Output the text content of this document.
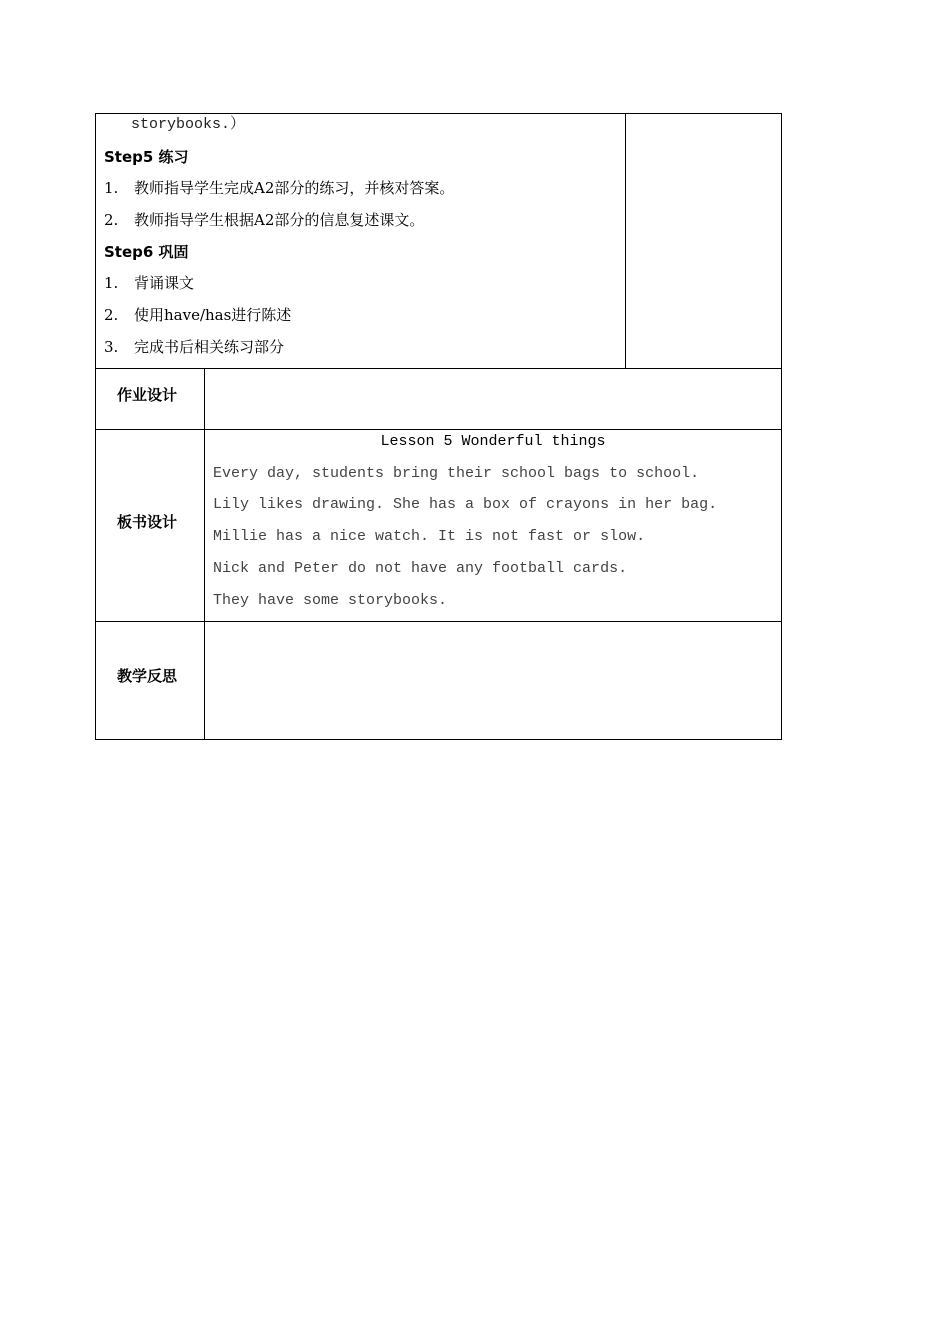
storybooks.）
Step5 练习
1. 教师指导学生完成A2部分的练习，并核对答案。
2. 教师指导学生根据A2部分的信息复述课文。
Step6 巩固
1. 背诵课文
2. 使用have/has进行陈述
3. 完成书后相关练习部分
作业设计
板书设计
Lesson 5 Wonderful things
Every day, students bring their school bags to school.
Lily likes drawing. She has a box of crayons in her bag.
Millie has a nice watch. It is not fast or slow.
Nick and Peter do not have any football cards.
They have some storybooks.
教学反思
